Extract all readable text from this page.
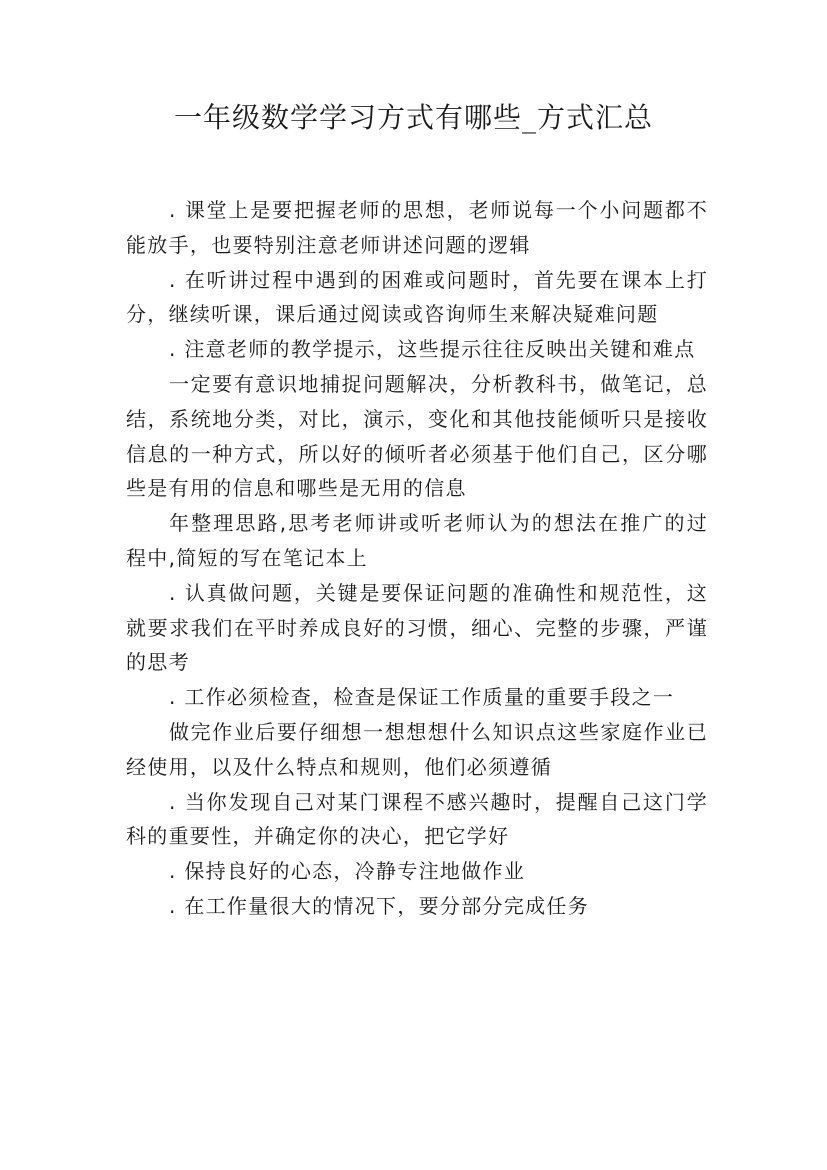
一年级数学学习方式有哪些_方式汇总

. 课堂上是要把握老师的思想，老师说每一个小问题都不能放手，也要特别注意老师讲述问题的逻辑

. 在听讲过程中遇到的困难或问题时，首先要在课本上打分，继续听课，课后通过阅读或咨询师生来解决疑难问题

. 注意老师的教学提示，这些提示往往反映出关键和难点

一定要有意识地捕捉问题解决，分析教科书，做笔记，总结，系统地分类，对比，演示，变化和其他技能倾听只是接收信息的一种方式，所以好的倾听者必须基于他们自己，区分哪些是有用的信息和哪些是无用的信息

年整理思路,思考老师讲或听老师认为的想法在推广的过程中,简短的写在笔记本上

. 认真做问题，关键是要保证问题的准确性和规范性，这就要求我们在平时养成良好的习惯，细心、完整的步骤，严谨的思考

. 工作必须检查，检查是保证工作质量的重要手段之一

做完作业后要仔细想一想想想什么知识点这些家庭作业已经使用，以及什么特点和规则，他们必须遵循

. 当你发现自己对某门课程不感兴趣时，提醒自己这门学科的重要性，并确定你的决心，把它学好

. 保持良好的心态，冷静专注地做作业

. 在工作量很大的情况下，要分部分完成任务
